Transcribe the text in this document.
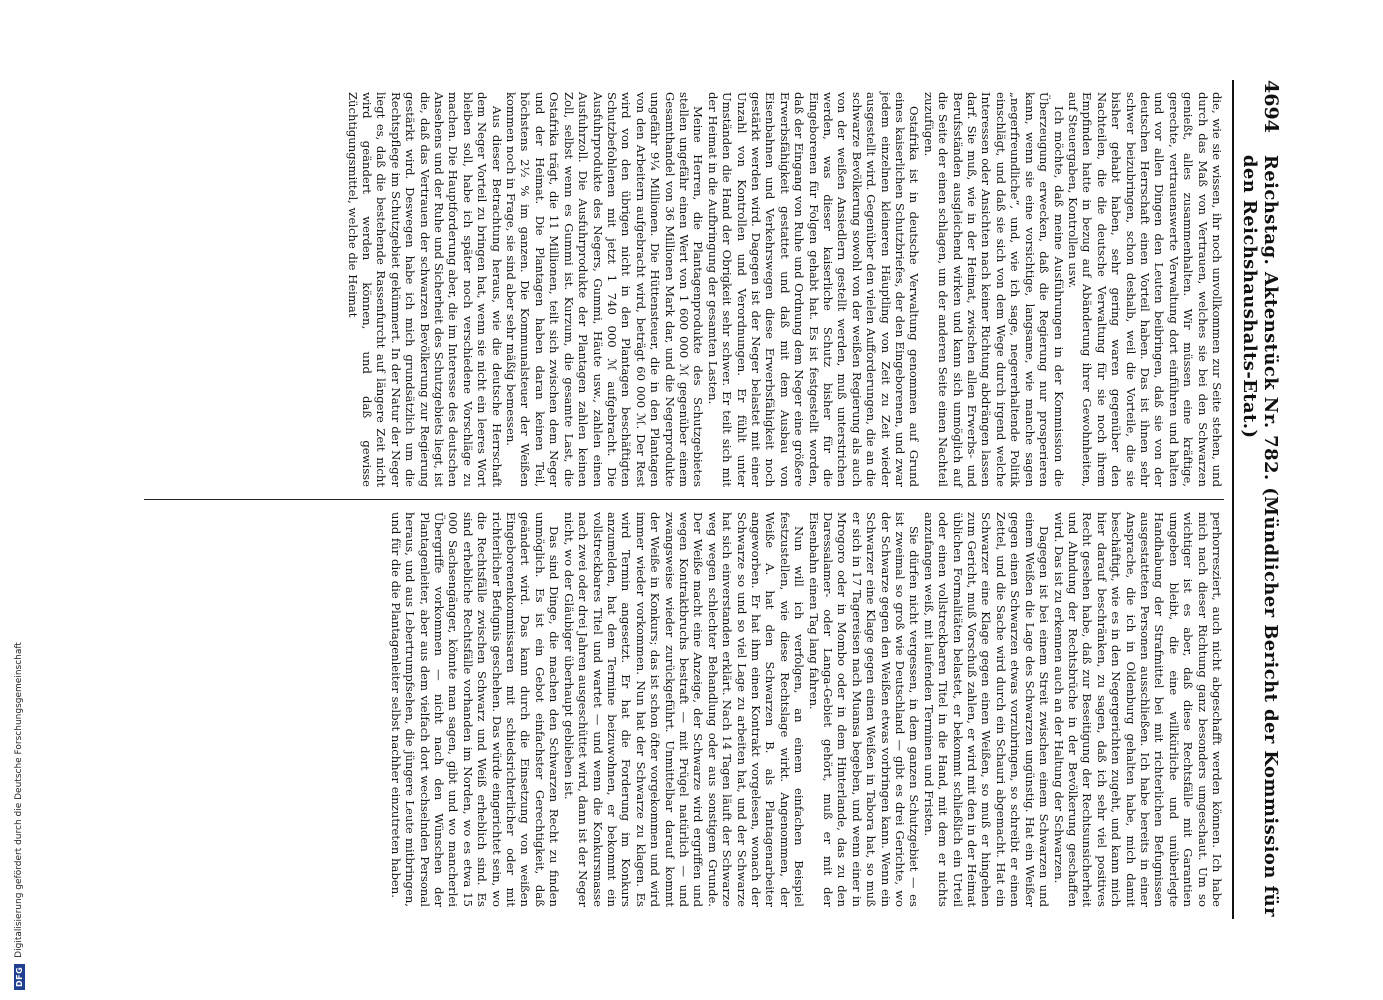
DFG
Digitalisierung gefördert durch die Deutsche Forschungsgemeinschaft
4694
Reichstag. Aktenstück Nr. 782. (Mündlicher Bericht der Kommission für den Reichshaushalts-Etat.)

die, wie sie wissen, ihr noch unvollkommen zur Seite stehen, und durch das Maß von Vertrauen, welches sie bei den Schwarzen genießt, alles zusammenhalten. Wir müssen eine kräftige, gerechte, vertrauenswerte Verwaltung dort einführen und halten und vor allen Dingen den Leuten beibringen, daß sie von der deutschen Herrschaft einen Vorteil haben. Das ist ihnen sehr schwer beizubringen, schon deshalb, weil die Vorteile, die sie bisher gehabt haben, sehr gering waren gegenüber den Nachteilen, die die deutsche Verwaltung für sie noch ihrem Empfinden hatte in bezug auf Abänderung ihrer Gewohnheiten, auf Steuergaben, Kontrollen usw.

Ich möchte, daß meine Ausführungen in der Kommission die Überzeugung erwecken, daß die Regierung nur prosperieren kann, wenn sie eine vorsichtige, langsame, wie manche sagen „negerfreundliche“, und, wie ich sage, negererhaltende Politik einschlägt, und daß sie sich von dem Wege durch irgend welche Interessen oder Ansichten nach keiner Richtung abdrängen lassen darf. Sie muß, wie in der Heimat, zwischen allen Erwerbs- und Berufsständen ausgleichend wirken und kann sich unmöglich auf die Seite der einen schlagen, um der anderen Seite einen Nachteil zuzufügen.

Ostafrika ist in deutsche Verwaltung genommen auf Grund eines kaiserlichen Schutzbriefes, der den Eingeborenen, und zwar jedem einzelnen kleineren Häuptling von Zeit zu Zeit wieder ausgestellt wird. Gegenüber den vielen Aufforderungen, die an die schwarze Bevölkerung sowohl von der weißen Regierung als auch von der weißen Ansiedlern gestellt werden, muß unterstrichen werden, was dieser kaiserliche Schutz bisher für die Eingeborenen für Folgen gehabt hat. Es ist festgestellt worden, daß der Eingang von Ruhe und Ordnung dem Neger eine größere Erwerbsfähigkeit gestattet und daß mit dem Ausbau von Eisenbahnen und Verkehrswegen diese Erwerbsfähigkeit noch gestärkt werden wird. Dagegen ist der Neger belastet mit einer Unzahl von Kontrollen und Verordnungen. Er fühlt unter Umständen die Hand der Obrigkeit sehr schwer. Er teilt sich mit der Heimat in die Aufbringung der gesamten Lasten.

Meine Herren, die Plantagenprodukte des Schutzgebietes stellen ungefähr einen Wert von 1 600 000 ℳ gegenüber einem Gesamthandel von 36 Millionen Mark dar, und die Negerprodukte ungefähr 9¼ Millionen. Die Hüttensteuer, die in den Plantagen von den Arbeitern aufgebracht wird, beträgt 60 000 ℳ. Der Rest wird von den übrigen nicht in den Plantagen beschäftigten Schutzbefohlenen mit jetzt 1 740 000 ℳ aufgebracht. Die Ausfuhrprodukte des Negers, Gummi, Häute usw., zahlen einen Ausfuhrzoll. Die Ausfuhrprodukte der Plantagen zahlen keinen Zoll, selbst wenn es Gummi ist. Kurzum, die gesamte Last, die Ostafrika trägt, die 11 Millionen, teilt sich zwischen dem Neger und der Heimat. Die Plantagen haben daran keinen Teil, höchstens 2½ % im ganzen. Die Kommunalsteuer der Weißen kommen noch in Frage, sie sind aber sehr mäßig bemessen.

Aus dieser Betrachtung heraus, wie die deutsche Herrschaft dem Neger Vorteil zu bringen hat, wenn sie nicht ein leeres Wort bleiben soll, habe ich später noch verschiedene Vorschläge zu machen. Die Hauptforderung aber, die im Interesse des deutschen Ansehens und der Ruhe und Sicherheit des Schutzgebiets liegt, ist die, daß das Vertrauen der schwarzen Bevölkerung zur Regierung gestärkt wird. Deswegen habe ich mich grundsätzlich um die Rechtspflege im Schutzgebiet gekümmert. In der Natur der Neger liegt es, daß die bestehende Rassenfurcht auf längere Zeit nicht wird geändert werden können, und daß gewisse Züchtigungsmittel, welche die Heimat

perhorresziert, auch nicht abgeschafft werden können. Ich habe mich nach dieser Richtung ganz besonders umgeschaut. Um so wichtiger ist es aber, daß diese Rechtsfälle mit Garantien umgeben bleibt, die eine willkürliche und unüberlegte Handhabung der Strafmittel bei mit richterlichen Befugnissen ausgestatteten Personen ausschließen. Ich habe bereits in einer Ansprache, die ich in Oldenburg gehalten habe, mich damit beschäftigt, wie es in den Negergerichten zugeht, und kann mich hier darauf beschränken, zu sagen, daß ich sehr viel positives Recht gesehen habe, daß zur Beseitigung der Rechtsunsicherheit und Ahndung der Rechtsbrüche in der Bevölkerung geschaffen wird. Das ist zu erkennen auch an der Haltung der Schwarzen.

Dagegen ist bei einem Streit zwischen einem Schwarzen und einem Weißen die Lage des Schwarzen ungünstig. Hat ein Weißer gegen einen Schwarzen etwas vorzubringen, so schreibt er einen Zettel, und die Sache wird durch ein Schauri abgemacht. Hat ein Schwarzer eine Klage gegen einen Weißen, so muß er hingehen zum Gericht, muß Vorschuß zahlen, er wird mit den in der Heimat üblichen Formalitäten belastet, er bekommt schließlich ein Urteil oder einen vollstreckbaren Titel in die Hand, mit dem er nichts anzufangen weiß, mit laufenden Terminen und Fristen.

Sie dürfen nicht vergessen, in dem ganzen Schutzgebiet — es ist zweimal so groß wie Deutschland — gibt es drei Gerichte, wo der Schwarze gegen den Weißen etwas vorbringen kann. Wenn ein Schwarzer eine Klage gegen einen Weißen in Tabora hat, so muß er sich in 17 Tagereisen nach Muansa begeben, und wenn einer in Mrogoro oder in Mombo oder in dem Hinterlande, das zu den Daressalamer- oder Langa-Gebiet gehört, muß er mit der Eisenbahn einen Tag lang fahren.

Nun will ich verfolgen, an einem einfachen Beispiel festzustellen, wie diese Rechtslage wirkt. Angenommen, der Weiße A. hat den Schwarzen B. als Plantagenarbeiter angeworben. Er hat ihm einen Kontrakt vorgelesen, wonach der Schwarze so und so viel Lage zu arbeiten hat, und der Schwarze hat sich einverstanden erklärt. Nach 14 Tagen läuft der Schwarze weg wegen schlechter Behandlung oder aus sonstigem Grunde. Der Weiße macht eine Anzeige, der Schwarze wird ergriffen und wegen Kontraktbruchs bestraft — mit Prügel natürlich — und zwangsweise wieder zurückgeführt. Unmittelbar darauf kommt der Weiße in Konkurs; das ist schon öfter vorgekommen und wird immer wieder vorkommen. Nun hat der Schwarze zu klagen. Es wird Termin angesetzt. Er hat die Forderung im Konkurs anzumelden, hat dem Termine beizuwohnen, er bekommt ein vollstreckbares Titel und wartet — und wenn die Konkursmasse nach zwei oder drei Jahren ausgeschüttet wird, dann ist der Neger nicht, wo der Gläubiger überhaupt geblieben ist.

Das sind Dinge, die machen den Schwarzen Recht zu finden unmöglich. Es ist ein Gebot einfachster Gerechtigkeit, daß geändert wird. Das kann durch die Einsetzung von weißen Eingeborenenkommissaren mit schiedsrichterlicher oder mit richterlicher Befugnis geschehen. Das würde eingerichtet sein, wo die Rechtsfälle zwischen Schwarz und Weiß erheblich sind. Es sind erhebliche Rechtsfälle vorhanden im Norden, wo es etwa 15 000 Sachsengänger, könnte man sagen, gibt und wo mancherlei Übergriffe vorkommen — nicht nach den Wünschen der Plantagenleiter, aber aus dem vielfach dort wechselnden Personal heraus, und aus Lebertrumpfsehen, die jüngere Leute mitbringen, und für die die Plantagenleiter selbst nachher einzutreten haben.
